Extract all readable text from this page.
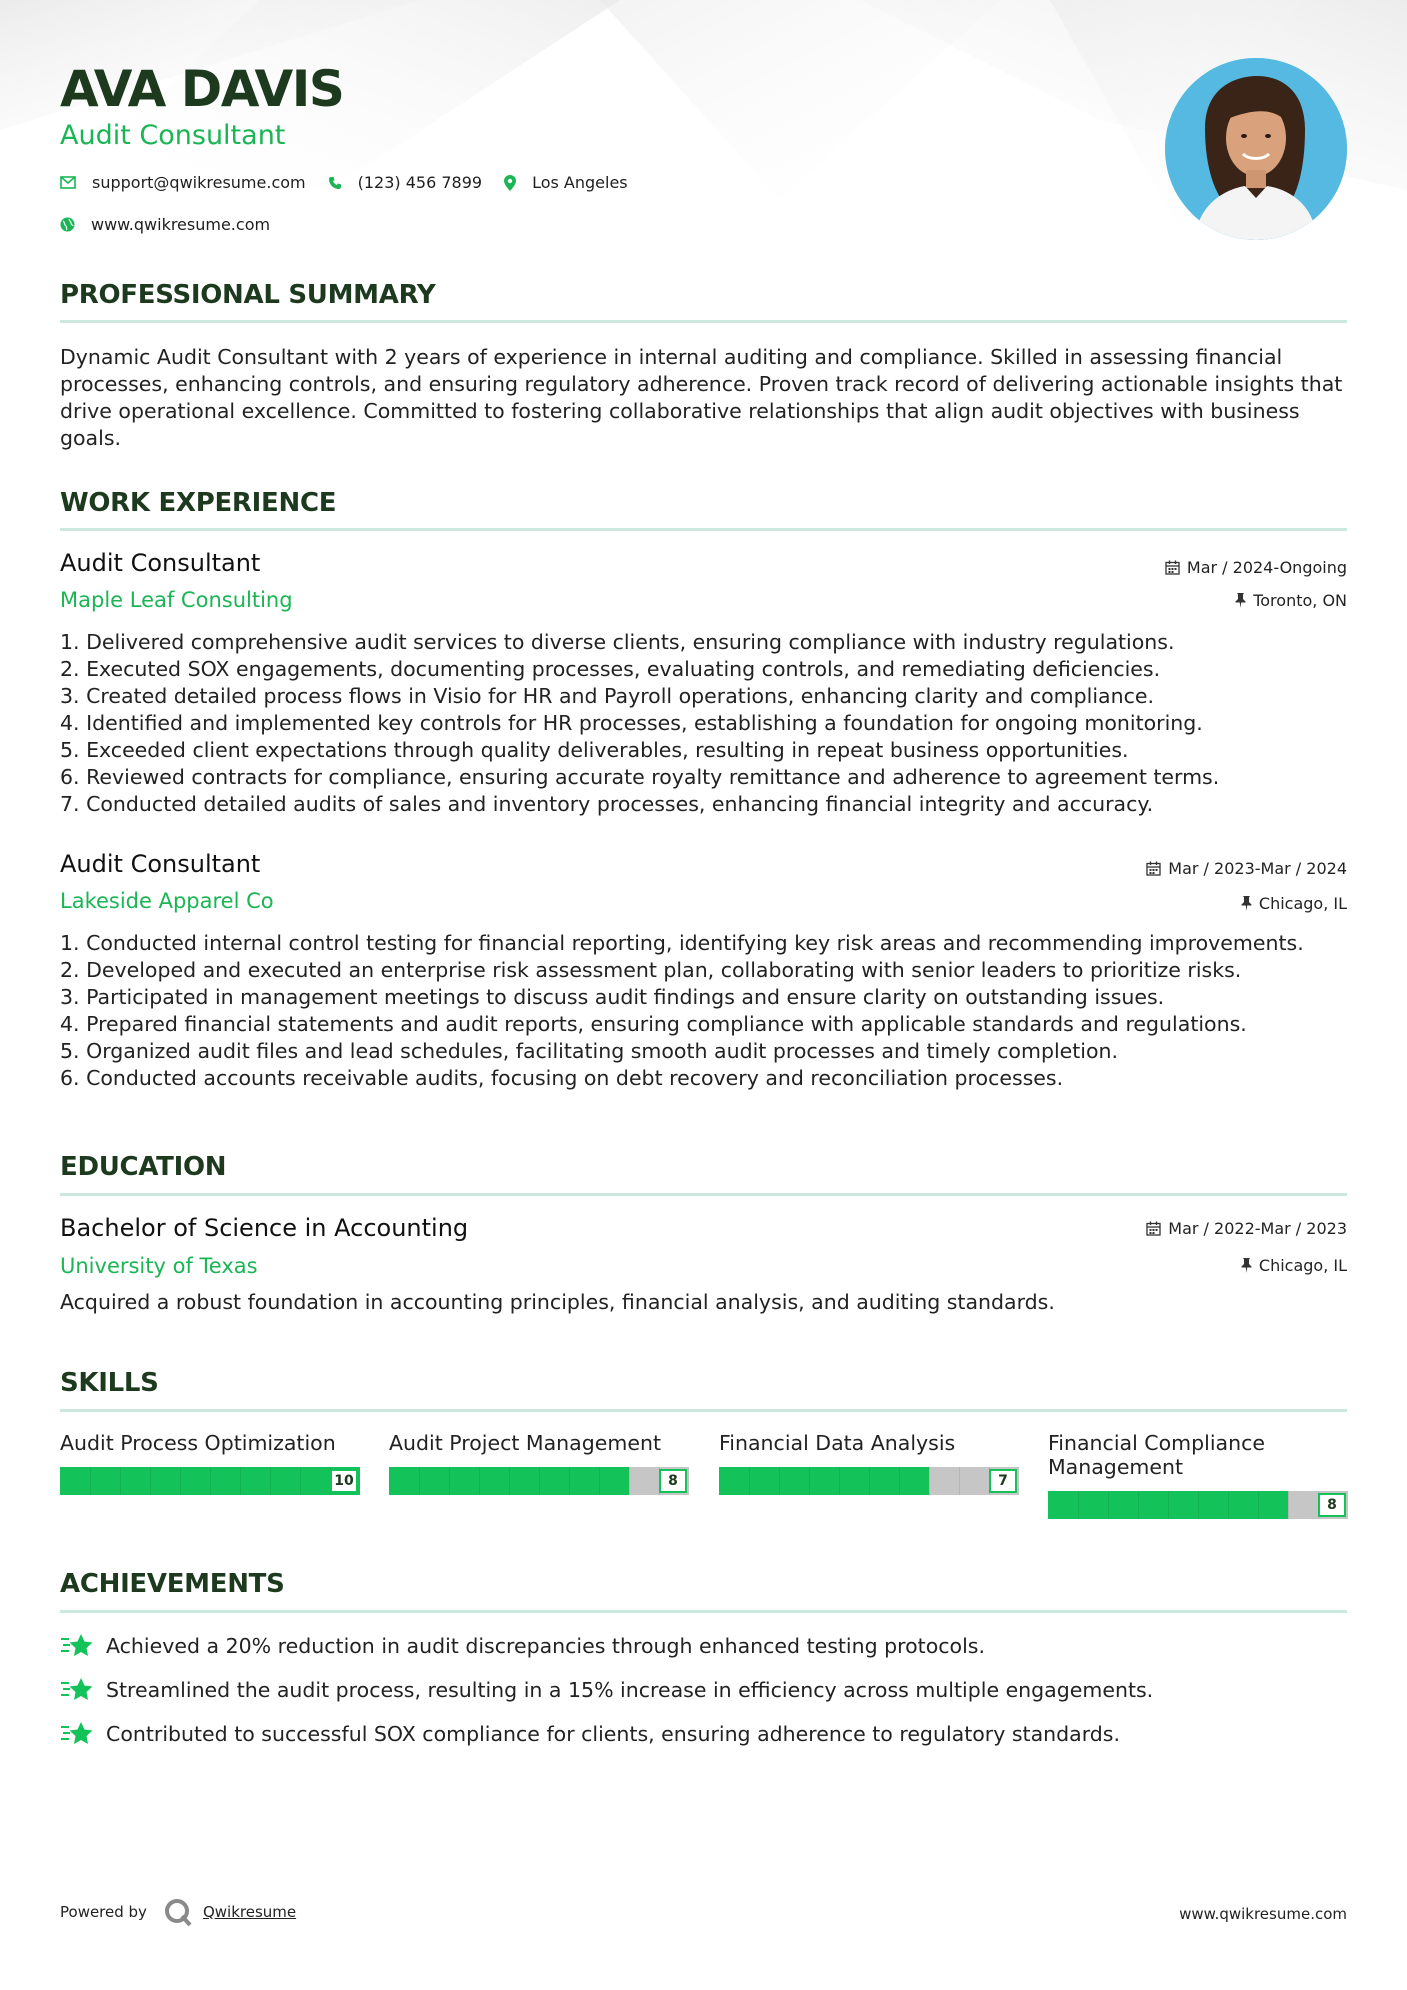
AVA DAVIS
Audit Consultant
support@qwikresume.com	(123) 456 7899	Los Angeles
www.qwikresume.com
PROFESSIONAL SUMMARY
Dynamic Audit Consultant with 2 years of experience in internal auditing and compliance. Skilled in assessing financial processes, enhancing controls, and ensuring regulatory adherence. Proven track record of delivering actionable insights that drive operational excellence. Committed to fostering collaborative relationships that align audit objectives with business goals.
WORK EXPERIENCE
Audit Consultant	Mar / 2024-Ongoing
Maple Leaf Consulting	Toronto, ON
1. Delivered comprehensive audit services to diverse clients, ensuring compliance with industry regulations.
2. Executed SOX engagements, documenting processes, evaluating controls, and remediating deficiencies.
3. Created detailed process flows in Visio for HR and Payroll operations, enhancing clarity and compliance.
4. Identified and implemented key controls for HR processes, establishing a foundation for ongoing monitoring.
5. Exceeded client expectations through quality deliverables, resulting in repeat business opportunities.
6. Reviewed contracts for compliance, ensuring accurate royalty remittance and adherence to agreement terms.
7. Conducted detailed audits of sales and inventory processes, enhancing financial integrity and accuracy.
Audit Consultant	Mar / 2023-Mar / 2024
Lakeside Apparel Co	Chicago, IL
1. Conducted internal control testing for financial reporting, identifying key risk areas and recommending improvements.
2. Developed and executed an enterprise risk assessment plan, collaborating with senior leaders to prioritize risks.
3. Participated in management meetings to discuss audit findings and ensure clarity on outstanding issues.
4. Prepared financial statements and audit reports, ensuring compliance with applicable standards and regulations.
5. Organized audit files and lead schedules, facilitating smooth audit processes and timely completion.
6. Conducted accounts receivable audits, focusing on debt recovery and reconciliation processes.
EDUCATION
Bachelor of Science in Accounting	Mar / 2022-Mar / 2023
University of Texas	Chicago, IL
Acquired a robust foundation in accounting principles, financial analysis, and auditing standards.
SKILLS
Audit Process Optimization
10
Audit Project Management
8
Financial Data Analysis
7
Financial Compliance Management
8
ACHIEVEMENTS
Achieved a 20% reduction in audit discrepancies through enhanced testing protocols.
Streamlined the audit process, resulting in a 15% increase in efficiency across multiple engagements.
Contributed to successful SOX compliance for clients, ensuring adherence to regulatory standards.
Powered by	Qwikresume	www.qwikresume.com
